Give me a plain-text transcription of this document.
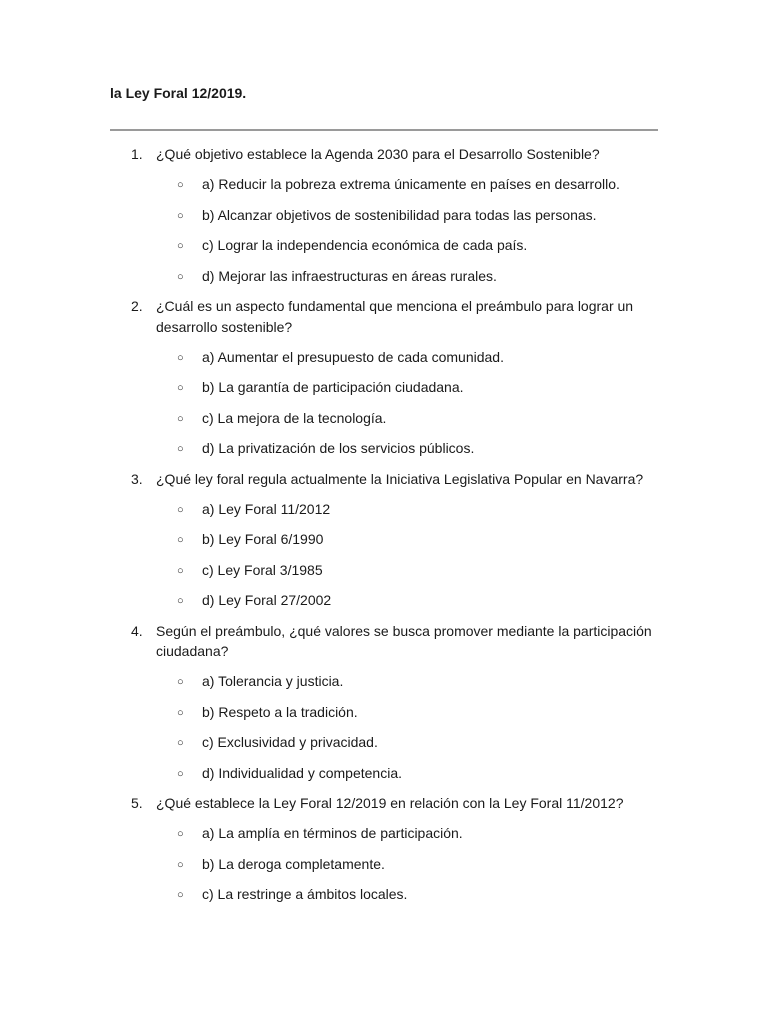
la Ley Foral 12/2019.
1. ¿Qué objetivo establece la Agenda 2030 para el Desarrollo Sostenible?
○ a) Reducir la pobreza extrema únicamente en países en desarrollo.
○ b) Alcanzar objetivos de sostenibilidad para todas las personas.
○ c) Lograr la independencia económica de cada país.
○ d) Mejorar las infraestructuras en áreas rurales.
2. ¿Cuál es un aspecto fundamental que menciona el preámbulo para lograr un desarrollo sostenible?
○ a) Aumentar el presupuesto de cada comunidad.
○ b) La garantía de participación ciudadana.
○ c) La mejora de la tecnología.
○ d) La privatización de los servicios públicos.
3. ¿Qué ley foral regula actualmente la Iniciativa Legislativa Popular en Navarra?
○ a) Ley Foral 11/2012
○ b) Ley Foral 6/1990
○ c) Ley Foral 3/1985
○ d) Ley Foral 27/2002
4. Según el preámbulo, ¿qué valores se busca promover mediante la participación ciudadana?
○ a) Tolerancia y justicia.
○ b) Respeto a la tradición.
○ c) Exclusividad y privacidad.
○ d) Individualidad y competencia.
5. ¿Qué establece la Ley Foral 12/2019 en relación con la Ley Foral 11/2012?
○ a) La amplía en términos de participación.
○ b) La deroga completamente.
○ c) La restringe a ámbitos locales.
